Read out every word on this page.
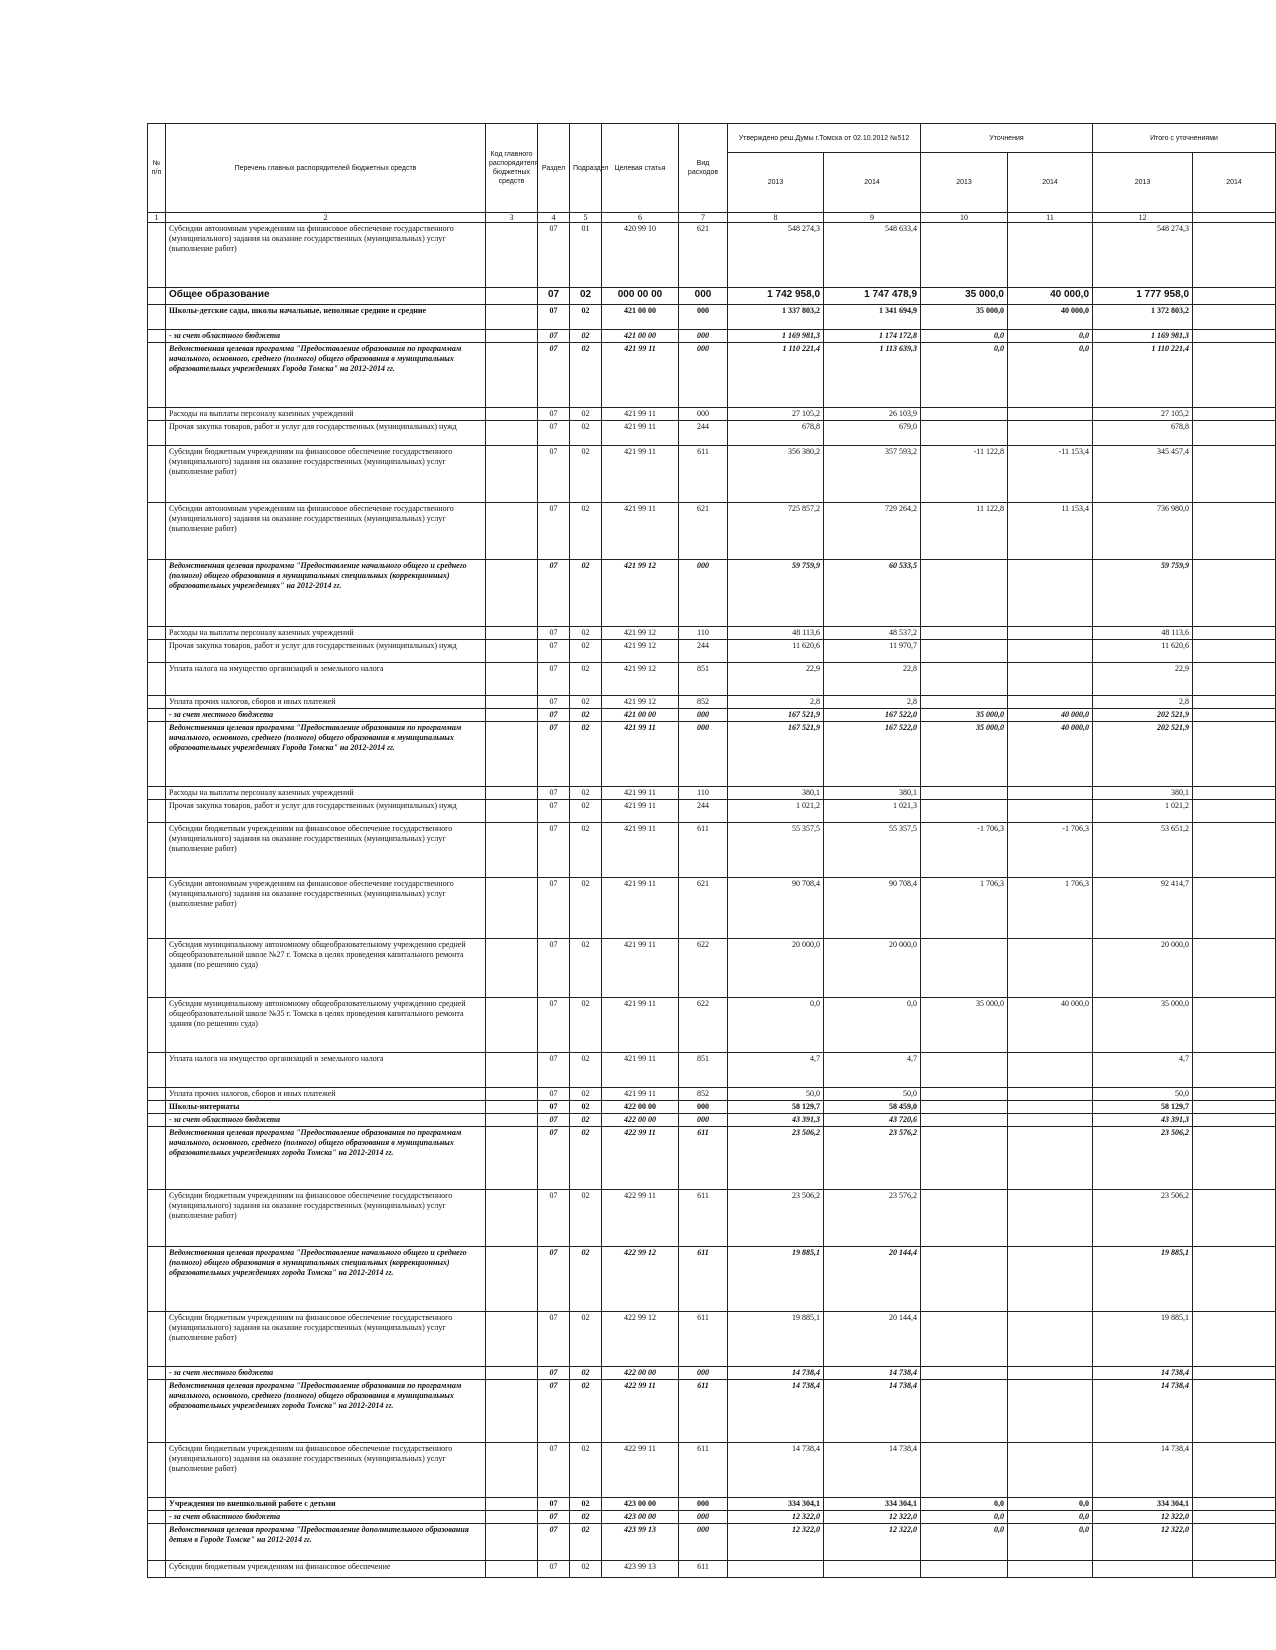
№ п/п	Перечень главных распорядителей бюджетных средств	Код главного распорядителя бюджетных средств	Раздел	Подраздел	Целевая статья	Вид расходов	Утверждено реш.Думы г.Томска от 02.10.2012 №512		Уточнения		Итого с уточнениями	
							2013	2014	2013	2014	2013	2014
1	2	3	4	5	6	7	8	9	10	11	12	
	Субсидии автономным учреждениям на финансовое обеспечение государственного (муниципального) задания на оказание государственных (муниципальных) услуг (выполнение работ)		07	01	420 99 10	621	548 274,3	548 633,4			548 274,3	
	Общее образование		07	02	000 00 00	000	1 742 958,0	1 747 478,9	35 000,0	40 000,0	1 777 958,0	
	Школы-детские сады, школы начальные, неполные средние и средние		07	02	421 00 00	000	1 337 803,2	1 341 694,9	35 000,0	40 000,0	1 372 803,2	
	- за счет областного бюджета		07	02	421 00 00	000	1 169 981,3	1 174 172,8	0,0	0,0	1 169 981,3	
	Ведомственная целевая программа "Предоставление образования по программам начального, основного, среднего (полного) общего образования в муниципальных образовательных учреждениях Города Томска" на 2012-2014 гг.		07	02	421 99 11	000	1 110 221,4	1 113 639,3	0,0	0,0	1 110 221,4	
	Расходы на выплаты персоналу казенных учреждений		07	02	421 99 11	000	27 105,2	26 103,9			27 105,2	
	Прочая закупка товаров, работ и услуг для государственных (муниципальных) нужд		07	02	421 99 11	244	678,8	679,0			678,8	
	Субсидии бюджетным учреждениям на финансовое обеспечение государственного (муниципального) задания на оказание государственных (муниципальных) услуг (выполнение работ)		07	02	421 99 11	611	356 380,2	357 593,2	-11 122,8	-11 153,4	345 457,4	
	Субсидии автономным учреждениям на финансовое обеспечение государственного (муниципального) задания на оказание государственных (муниципальных) услуг (выполнение работ)		07	02	421 99 11	621	725 857,2	729 264,2	11 122,8	11 153,4	736 980,0	
	Ведомственная целевая программа "Предоставление начального общего и среднего (полного) общего образования в муниципальных специальных (коррекционных) образовательных учреждениях" на 2012-2014 гг.		07	02	421 99 12	000	59 759,9	60 533,5			59 759,9	
	Расходы на выплаты персоналу казенных учреждений		07	02	421 99 12	110	48 113,6	48 537,2			48 113,6	
	Прочая закупка товаров, работ и услуг для государственных (муниципальных) нужд		07	02	421 99 12	244	11 620,6	11 970,7			11 620,6	
	Уплата налога на имущество организаций и земельного налога		07	02	421 99 12	851	22,9	22,8			22,9	
	Уплата прочих налогов, сборов и иных платежей		07	02	421 99 12	852	2,8	2,8			2,8	
	- за счет местного бюджета		07	02	421 00 00	000	167 521,9	167 522,0	35 000,0	40 000,0	202 521,9	
	Ведомственная целевая программа "Предоставление образования по программам начального, основного, среднего (полного) общего образования в муниципальных образовательных учреждениях Города Томска" на 2012-2014 гг.		07	02	421 99 11	000	167 521,9	167 522,0	35 000,0	40 000,0	202 521,9	
	Расходы на выплаты персоналу казенных учреждений		07	02	421 99 11	110	380,1	380,1			380,1	
	Прочая закупка товаров, работ и услуг для государственных (муниципальных) нужд		07	02	421 99 11	244	1 021,2	1 021,3			1 021,2	
	Субсидии бюджетным учреждениям на финансовое обеспечение государственного (муниципального) задания на оказание государственных (муниципальных) услуг (выполнение работ)		07	02	421 99 11	611	55 357,5	55 357,5	-1 706,3	-1 706,3	53 651,2	
	Субсидии автономным учреждениям на финансовое обеспечение государственного (муниципального) задания на оказание государственных (муниципальных) услуг (выполнение работ)		07	02	421 99 11	621	90 708,4	90 708,4	1 706,3	1 706,3	92 414,7	
	Субсидия муниципальному автономному общеобразовательному учреждению средней общеобразовательной школе №27 г. Томска в целях проведения капитального ремонта здания (по решению суда)		07	02	421 99 11	622	20 000,0	20 000,0			20 000,0	
	Субсидия муниципальному автономному общеобразовательному учреждению средней общеобразовательной школе №35 г. Томска в целях проведения капитального ремонта здания (по решению суда)		07	02	421 99 11	622	0,0	0,0	35 000,0	40 000,0	35 000,0	
	Уплата налога на имущество организаций и земельного налога		07	02	421 99 11	851	4,7	4,7			4,7	
	Уплата прочих налогов, сборов и иных платежей		07	02	421 99 11	852	50,0	50,0			50,0	
	Школы-интернаты		07	02	422 00 00	000	58 129,7	58 459,0			58 129,7	
	- за счет областного бюджета		07	02	422 00 00	000	43 391,3	43 720,6			43 391,3	
	Ведомственная целевая программа "Предоставление образования по программам начального, основного, среднего (полного) общего образования в муниципальных образовательных учреждениях города Томска" на 2012-2014 гг.		07	02	422 99 11	611	23 506,2	23 576,2			23 506,2	
	Субсидии бюджетным учреждениям на финансовое обеспечение государственного (муниципального) задания на оказание государственных (муниципальных) услуг (выполнение работ)		07	02	422 99 11	611	23 506,2	23 576,2			23 506,2	
	Ведомственная целевая программа "Предоставление начального общего и среднего (полного) общего образования в муниципальных специальных (коррекционных) образовательных учреждениях города Томска" на 2012-2014 гг.		07	02	422 99 12	611	19 885,1	20 144,4			19 885,1	
	Субсидии бюджетным учреждениям на финансовое обеспечение государственного (муниципального) задания на оказание государственных (муниципальных) услуг (выполнение работ)		07	02	422 99 12	611	19 885,1	20 144,4			19 885,1	
	- за счет местного бюджета		07	02	422 00 00	000	14 738,4	14 738,4			14 738,4	
	Ведомственная целевая программа "Предоставление образования по программам начального, основного, среднего (полного) общего образования в муниципальных образовательных учреждениях города Томска" на 2012-2014 гг.		07	02	422 99 11	611	14 738,4	14 738,4			14 738,4	
	Субсидии бюджетным учреждениям на финансовое обеспечение государственного (муниципального) задания на оказание государственных (муниципальных) услуг (выполнение работ)		07	02	422 99 11	611	14 738,4	14 738,4			14 738,4	
	Учреждения по внешкольной работе с детьми		07	02	423 00 00	000	334 304,1	334 304,1	0,0	0,0	334 304,1	
	- за счет областного бюджета		07	02	423 00 00	000	12 322,0	12 322,0	0,0	0,0	12 322,0	
	Ведомственная целевая программа "Предоставление дополнительного образования детям в Городе Томске" на 2012-2014 гг.		07	02	423 99 13	000	12 322,0	12 322,0	0,0	0,0	12 322,0	
	Субсидии бюджетным учреждениям на финансовое обеспечение		07	02	423 99 13	611						
